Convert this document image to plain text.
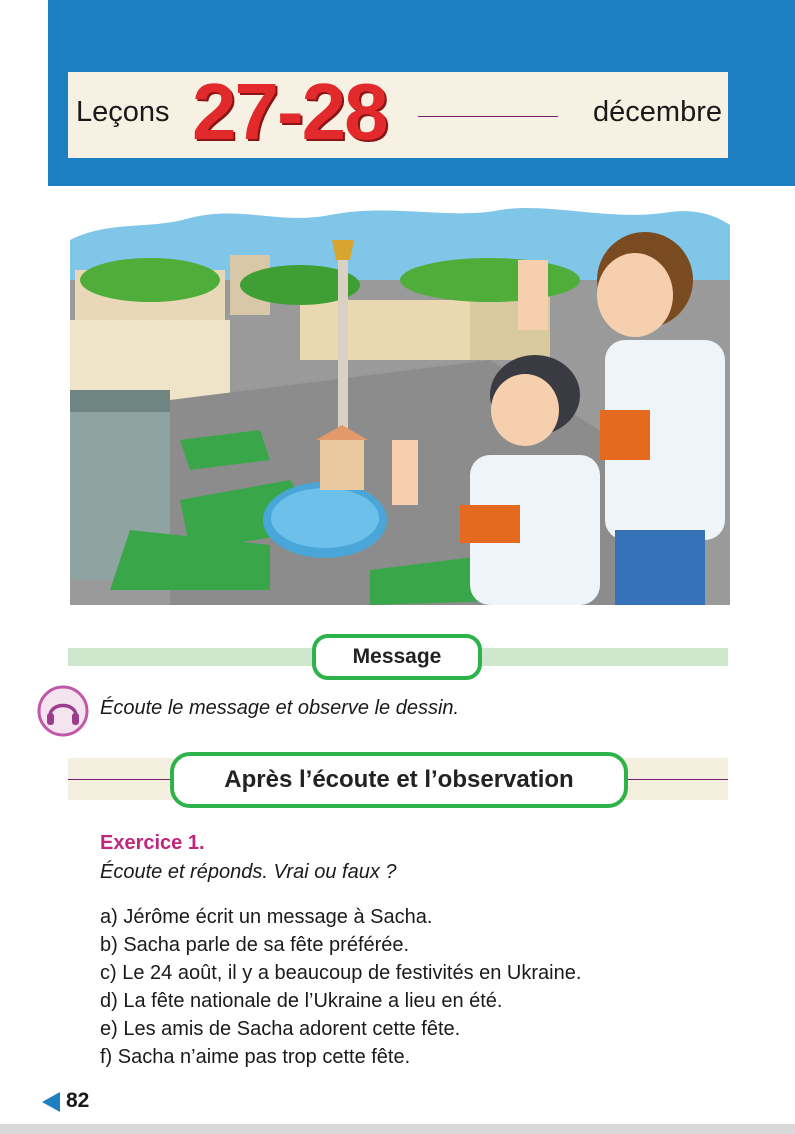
Leçons 27-28	décembre
Message
Écoute le message et observe le dessin.
Après l’écoute et l’observation
Exercice 1.
Écoute et réponds. Vrai ou faux ?
a) Jérôme écrit un message à Sacha.
b) Sacha parle de sa fête préférée.
c) Le 24 août, il y a beaucoup de festivités en Ukraine.
d) La fête nationale de l’Ukraine a lieu en été.
e) Les amis de Sacha adorent cette fête.
f) Sacha n’aime pas trop cette fête.
82
